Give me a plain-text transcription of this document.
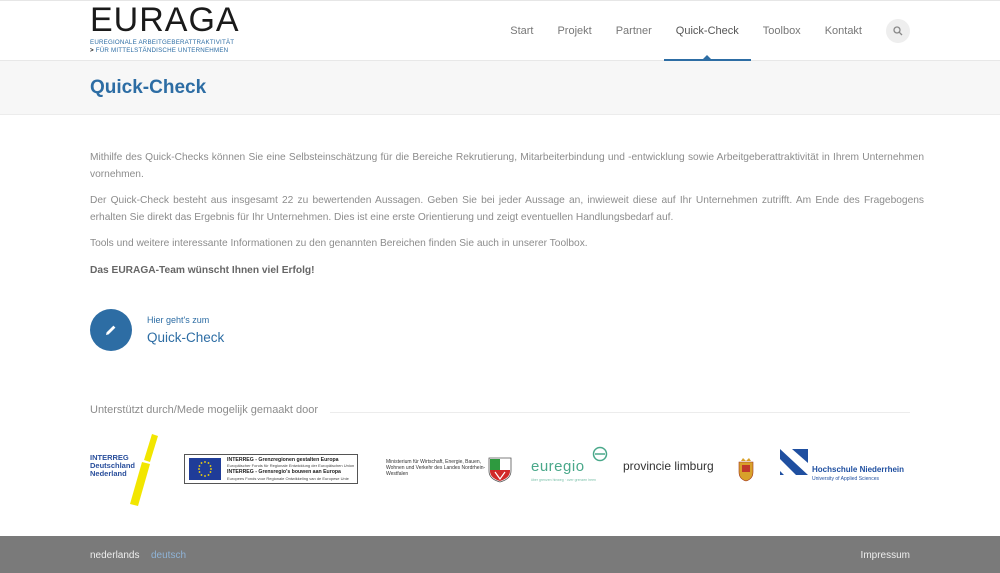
EURAGA
EUREGIONALE ARBEITGEBERATTRAKTIVITÄT
> FÜR MITTELSTÄNDISCHE UNTERNEHMEN
Start	Projekt	Partner	Quick-Check	Toolbox	Kontakt
Quick-Check

Mithilfe des Quick-Checks können Sie eine Selbsteinschätzung für die Bereiche Rekrutierung, Mitarbeiterbindung und -entwicklung sowie Arbeitgeberattraktivität in Ihrem Unternehmen vornehmen.

Der Quick-Check besteht aus insgesamt 22 zu bewertenden Aussagen. Geben Sie bei jeder Aussage an, inwieweit diese auf Ihr Unternehmen zutrifft. Am Ende des Fragebogens erhalten Sie direkt das Ergebnis für Ihr Unternehmen. Dies ist eine erste Orientierung und zeigt eventuellen Handlungsbedarf auf.

Tools und weitere interessante Informationen zu den genannten Bereichen finden Sie auch in unserer Toolbox.

Das EURAGA-Team wünscht Ihnen viel Erfolg!

Hier geht's zum
Quick-Check
Unterstützt durch/Mede mogelijk gemaakt door
INTERREG
Deutschland
Nederland
INTERREG - Grenzregionen gestalten Europa
Europäischer Fonds für Regionale Entwicklung der Europäischen Union
INTERREG - Grensregio's bouwen aan Europa
Europees Fonds voor Regionale Ontwikkeling van de Europese Unie
Ministerium für Wirtschaft, Energie, Bauen, Wohnen und Verkehr des Landes Nordrhein-Westfalen	euregio
über grenzen hinweg · over grenzen heen
provincie limburg	Hochschule Niederrhein
University of Applied Sciences
nederlands deutsch	Impressum
